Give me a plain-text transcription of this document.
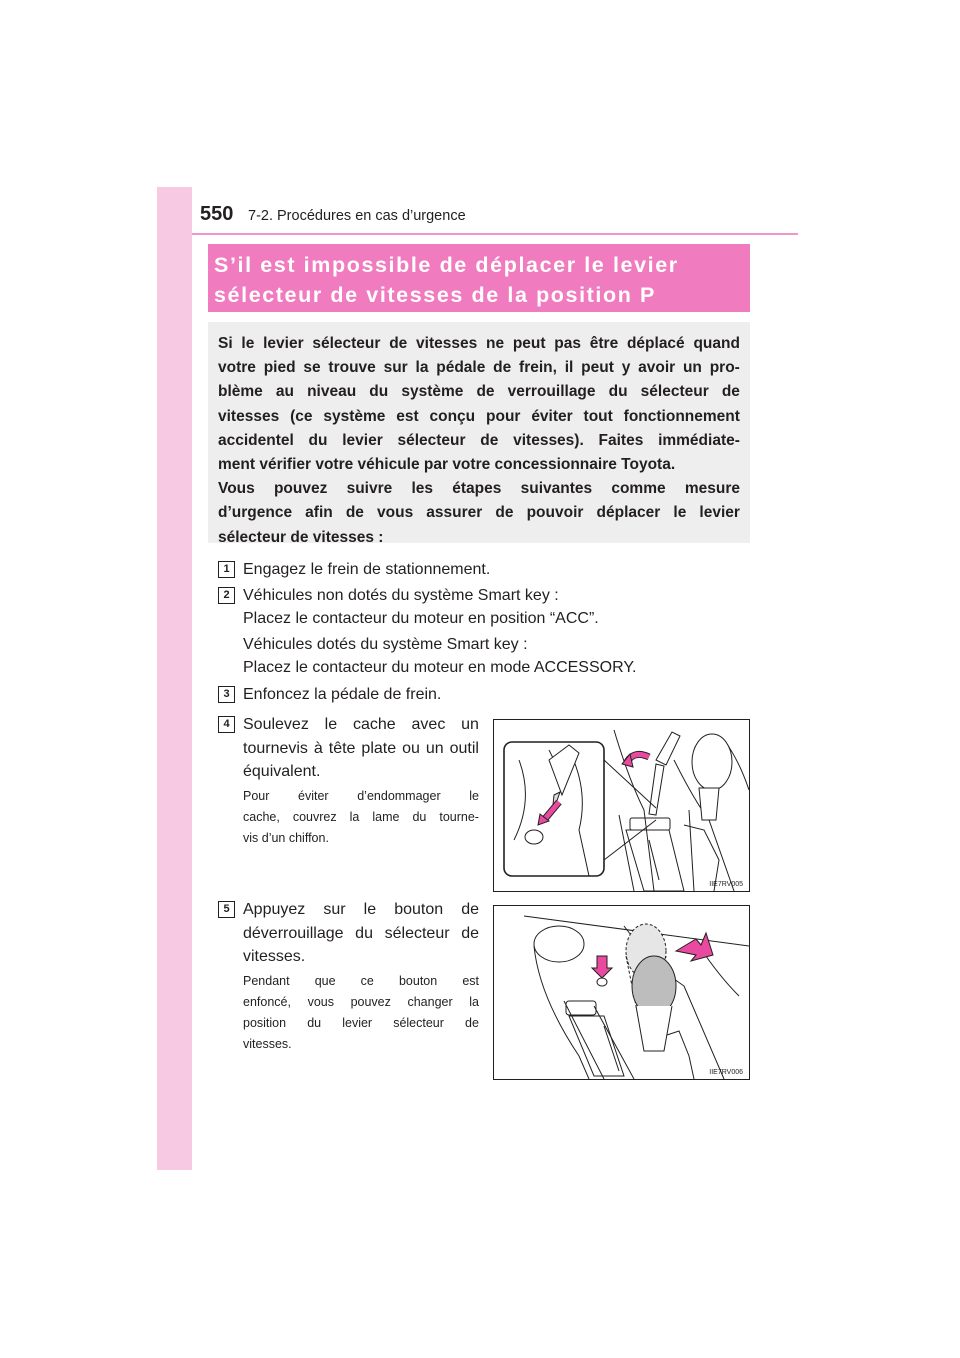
550 7-2. Procédures en cas d’urgence
S’il est impossible de déplacer le levier
sélecteur de vitesses de la position P
Si le levier sélecteur de vitesses ne peut pas être déplacé quand
votre pied se trouve sur la pédale de frein, il peut y avoir un pro-
blème au niveau du système de verrouillage du sélecteur de
vitesses (ce système est conçu pour éviter tout fonctionnement
accidentel du levier sélecteur de vitesses). Faites immédiate-
ment vérifier votre véhicule par votre concessionnaire Toyota.
Vous pouvez suivre les étapes suivantes comme mesure
d’urgence afin de vous assurer de pouvoir déplacer le levier
sélecteur de vitesses :
1 Engagez le frein de stationnement.
2 Véhicules non dotés du système Smart key :
Placez le contacteur du moteur en position “ACC”.
Véhicules dotés du système Smart key :
Placez le contacteur du moteur en mode ACCESSORY.
3 Enfoncez la pédale de frein.
4 Soulevez le cache avec un
tournevis à tête plate ou un outil
équivalent.
Pour éviter d’endommager le
cache, couvrez la lame du tourne-
vis d’un chiffon.
IIE7RV005
5 Appuyez sur le bouton de
déverrouillage du sélecteur de
vitesses.
Pendant que ce bouton est
enfoncé, vous pouvez changer la
position du levier sélecteur de
vitesses.
IIE7RV006
